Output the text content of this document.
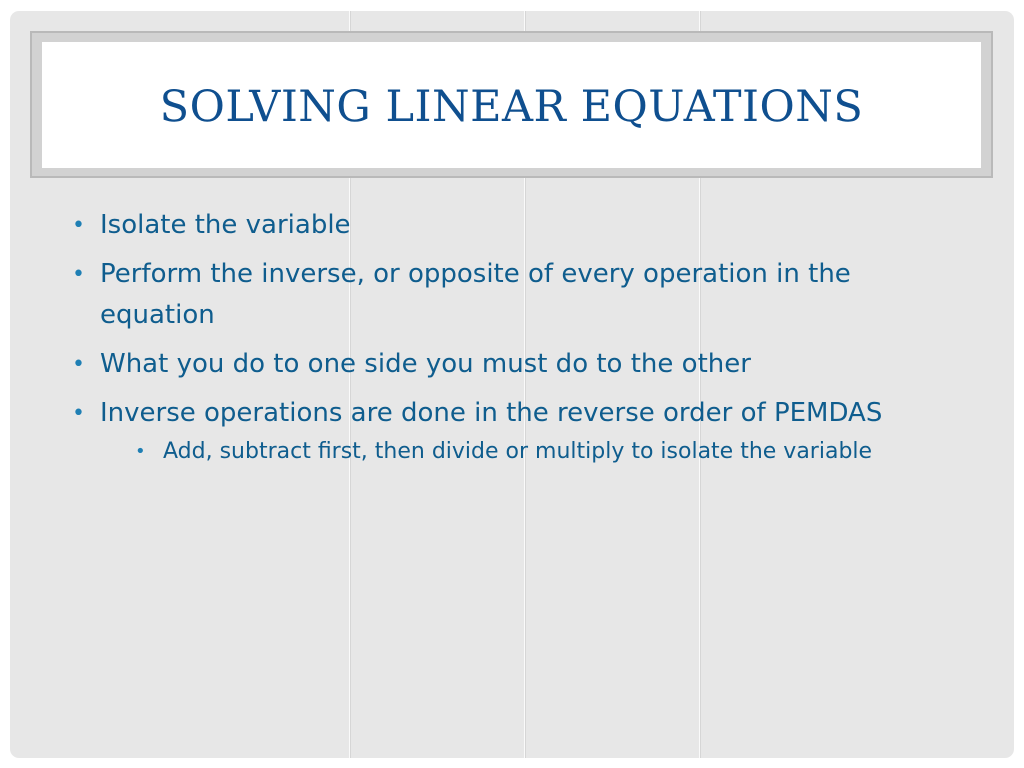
SOLVING LINEAR EQUATIONS
• Isolate the variable
• Perform the inverse, or opposite of every operation in the equation
• What you do to one side you must do to the other
• Inverse operations are done in the reverse order of PEMDAS
• Add, subtract first, then divide or multiply to isolate the variable
